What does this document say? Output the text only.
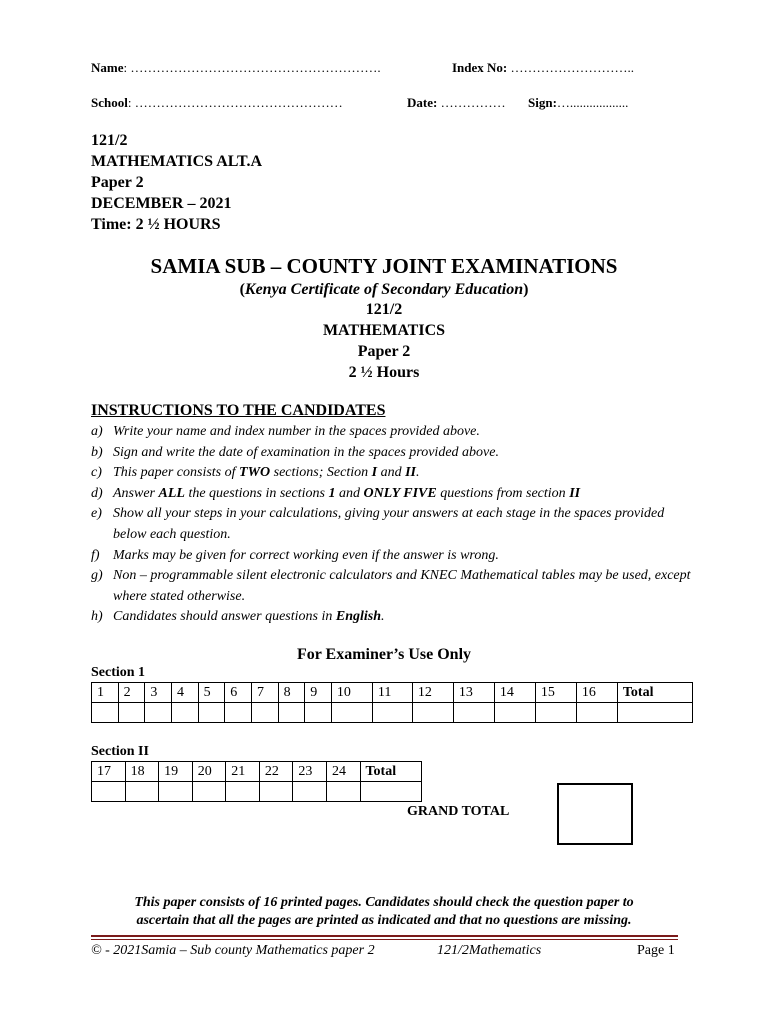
Name: ………………………………………………….	Index No: ………………………..
School: …………………………………………	Date: …………… Sign:…..................
121/2
MATHEMATICS ALT.A
Paper 2
DECEMBER – 2021
Time: 2 ½ HOURS
SAMIA SUB – COUNTY JOINT EXAMINATIONS
(Kenya Certificate of Secondary Education)
121/2
MATHEMATICS
Paper 2
2 ½ Hours
INSTRUCTIONS TO THE CANDIDATES
a) Write your name and index number in the spaces provided above.
b) Sign and write the date of examination in the spaces provided above.
c) This paper consists of TWO sections; Section I and II.
d) Answer ALL the questions in sections 1 and ONLY FIVE questions from section II
e) Show all your steps in your calculations, giving your answers at each stage in the spaces provided below each question.
f) Marks may be given for correct working even if the answer is wrong.
g) Non – programmable silent electronic calculators and KNEC Mathematical tables may be used, except where stated otherwise.
h) Candidates should answer questions in English.
For Examiner’s Use Only
Section 1
1	2	3	4	5	6	7	8	9	10	11	12	13	14	15	16	Total

Section II
17	18	19	20	21	22	23	24	Total

GRAND TOTAL
This paper consists of 16 printed pages. Candidates should check the question paper to
ascertain that all the pages are printed as indicated and that no questions are missing.
© - 2021Samia – Sub county Mathematics paper 2	121/2Mathematics	Page 1
